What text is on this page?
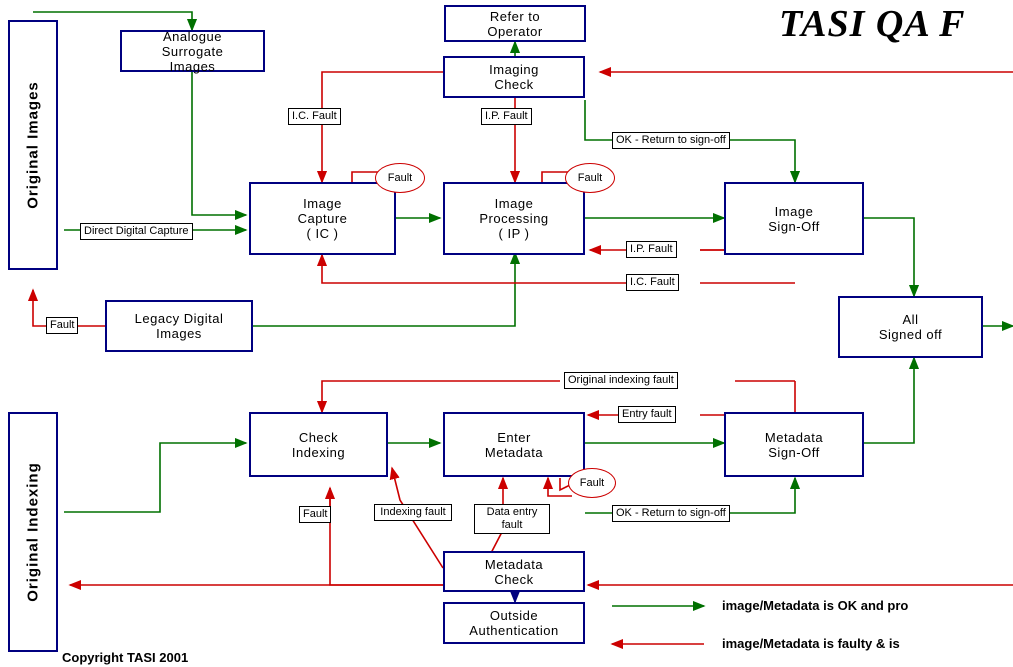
Original Images
Original Indexing
Refer to
Operator
Analogue
Surrogate
Images	Imaging
Check
Image
Capture
( IC )
Image
Processing
( IP )
Image
Sign-Off
All
Signed off
Legacy Digital
Images
Check
Indexing
Enter
Metadata
Metadata
Sign-Off
Metadata
Check
Outside
Authentication
I.C. Fault	I.P. Fault
OK - Return to sign-off
Direct Digital Capture
I.P. Fault
I.C. Fault
Fault
Original indexing fault
Entry fault
Fault	Indexing fault	Data entry fault
OK - Return to sign-off
Fault	Fault
Fault
TASI QA F
Copyright TASI 2001
image/Metadata is OK and pro
image/Metadata is faulty & is
